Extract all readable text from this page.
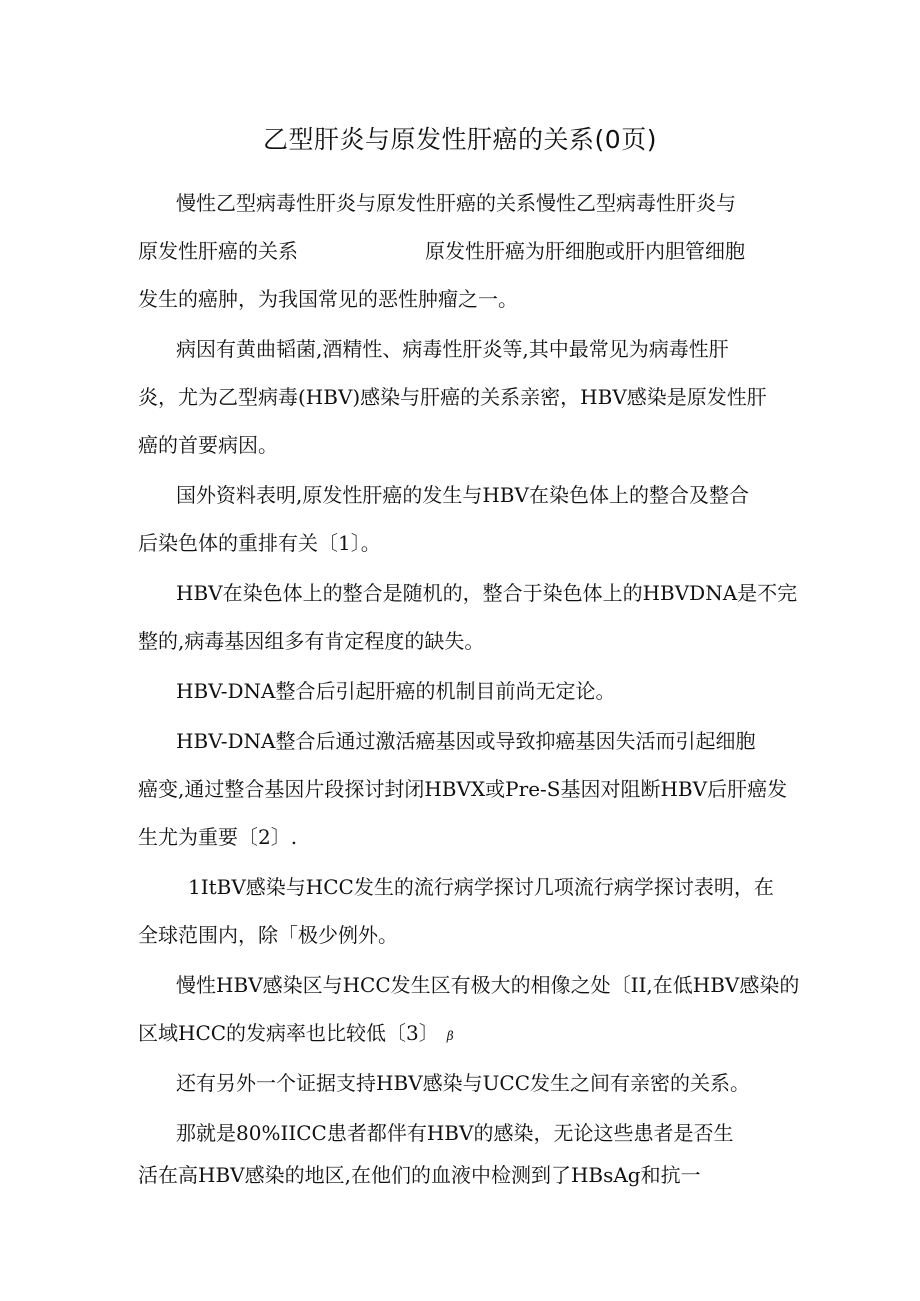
乙型肝炎与原发性肝癌的关系(0页)
慢性乙型病毒性肝炎与原发性肝癌的关系慢性乙型病毒性肝炎与
原发性肝癌的关系	原发性肝癌为肝细胞或肝内胆管细胞
发生的癌肿，为我国常见的恶性肿瘤之一。
病因有黄曲韬菌,酒精性、病毒性肝炎等,其中最常见为病毒性肝
炎，尤为乙型病毒(HBV)感染与肝癌的关系亲密，HBV感染是原发性肝
癌的首要病因。
国外资料表明,原发性肝癌的发生与HBV在染色体上的整合及整合
后染色体的重排有关〔1〕。
HBV在染色体上的整合是随机的，整合于染色体上的HBVDNA是不完
整的,病毒基因组多有肯定程度的缺失。
HBV-DNA整合后引起肝癌的机制目前尚无定论。
HBV-DNA整合后通过激活癌基因或导致抑癌基因失活而引起细胞
癌变,通过整合基因片段探讨封闭HBVX或Pre-S基因对阻断HBV后肝癌发
生尤为重要〔2〕.
1ItBV感染与HCC发生的流行病学探讨几项流行病学探讨表明，在
全球范围内，除「极少例外。
慢性HBV感染区与HCC发生区有极大的相像之处〔II,在低HBV感染的
区域HCC的发病率也比较低〔3〕 β
还有另外一个证据支持HBV感染与UCC发生之间有亲密的关系。
那就是80%IICC患者都伴有HBV的感染，无论这些患者是否生
活在高HBV感染的地区,在他们的血液中检测到了HBsAg和抗一
